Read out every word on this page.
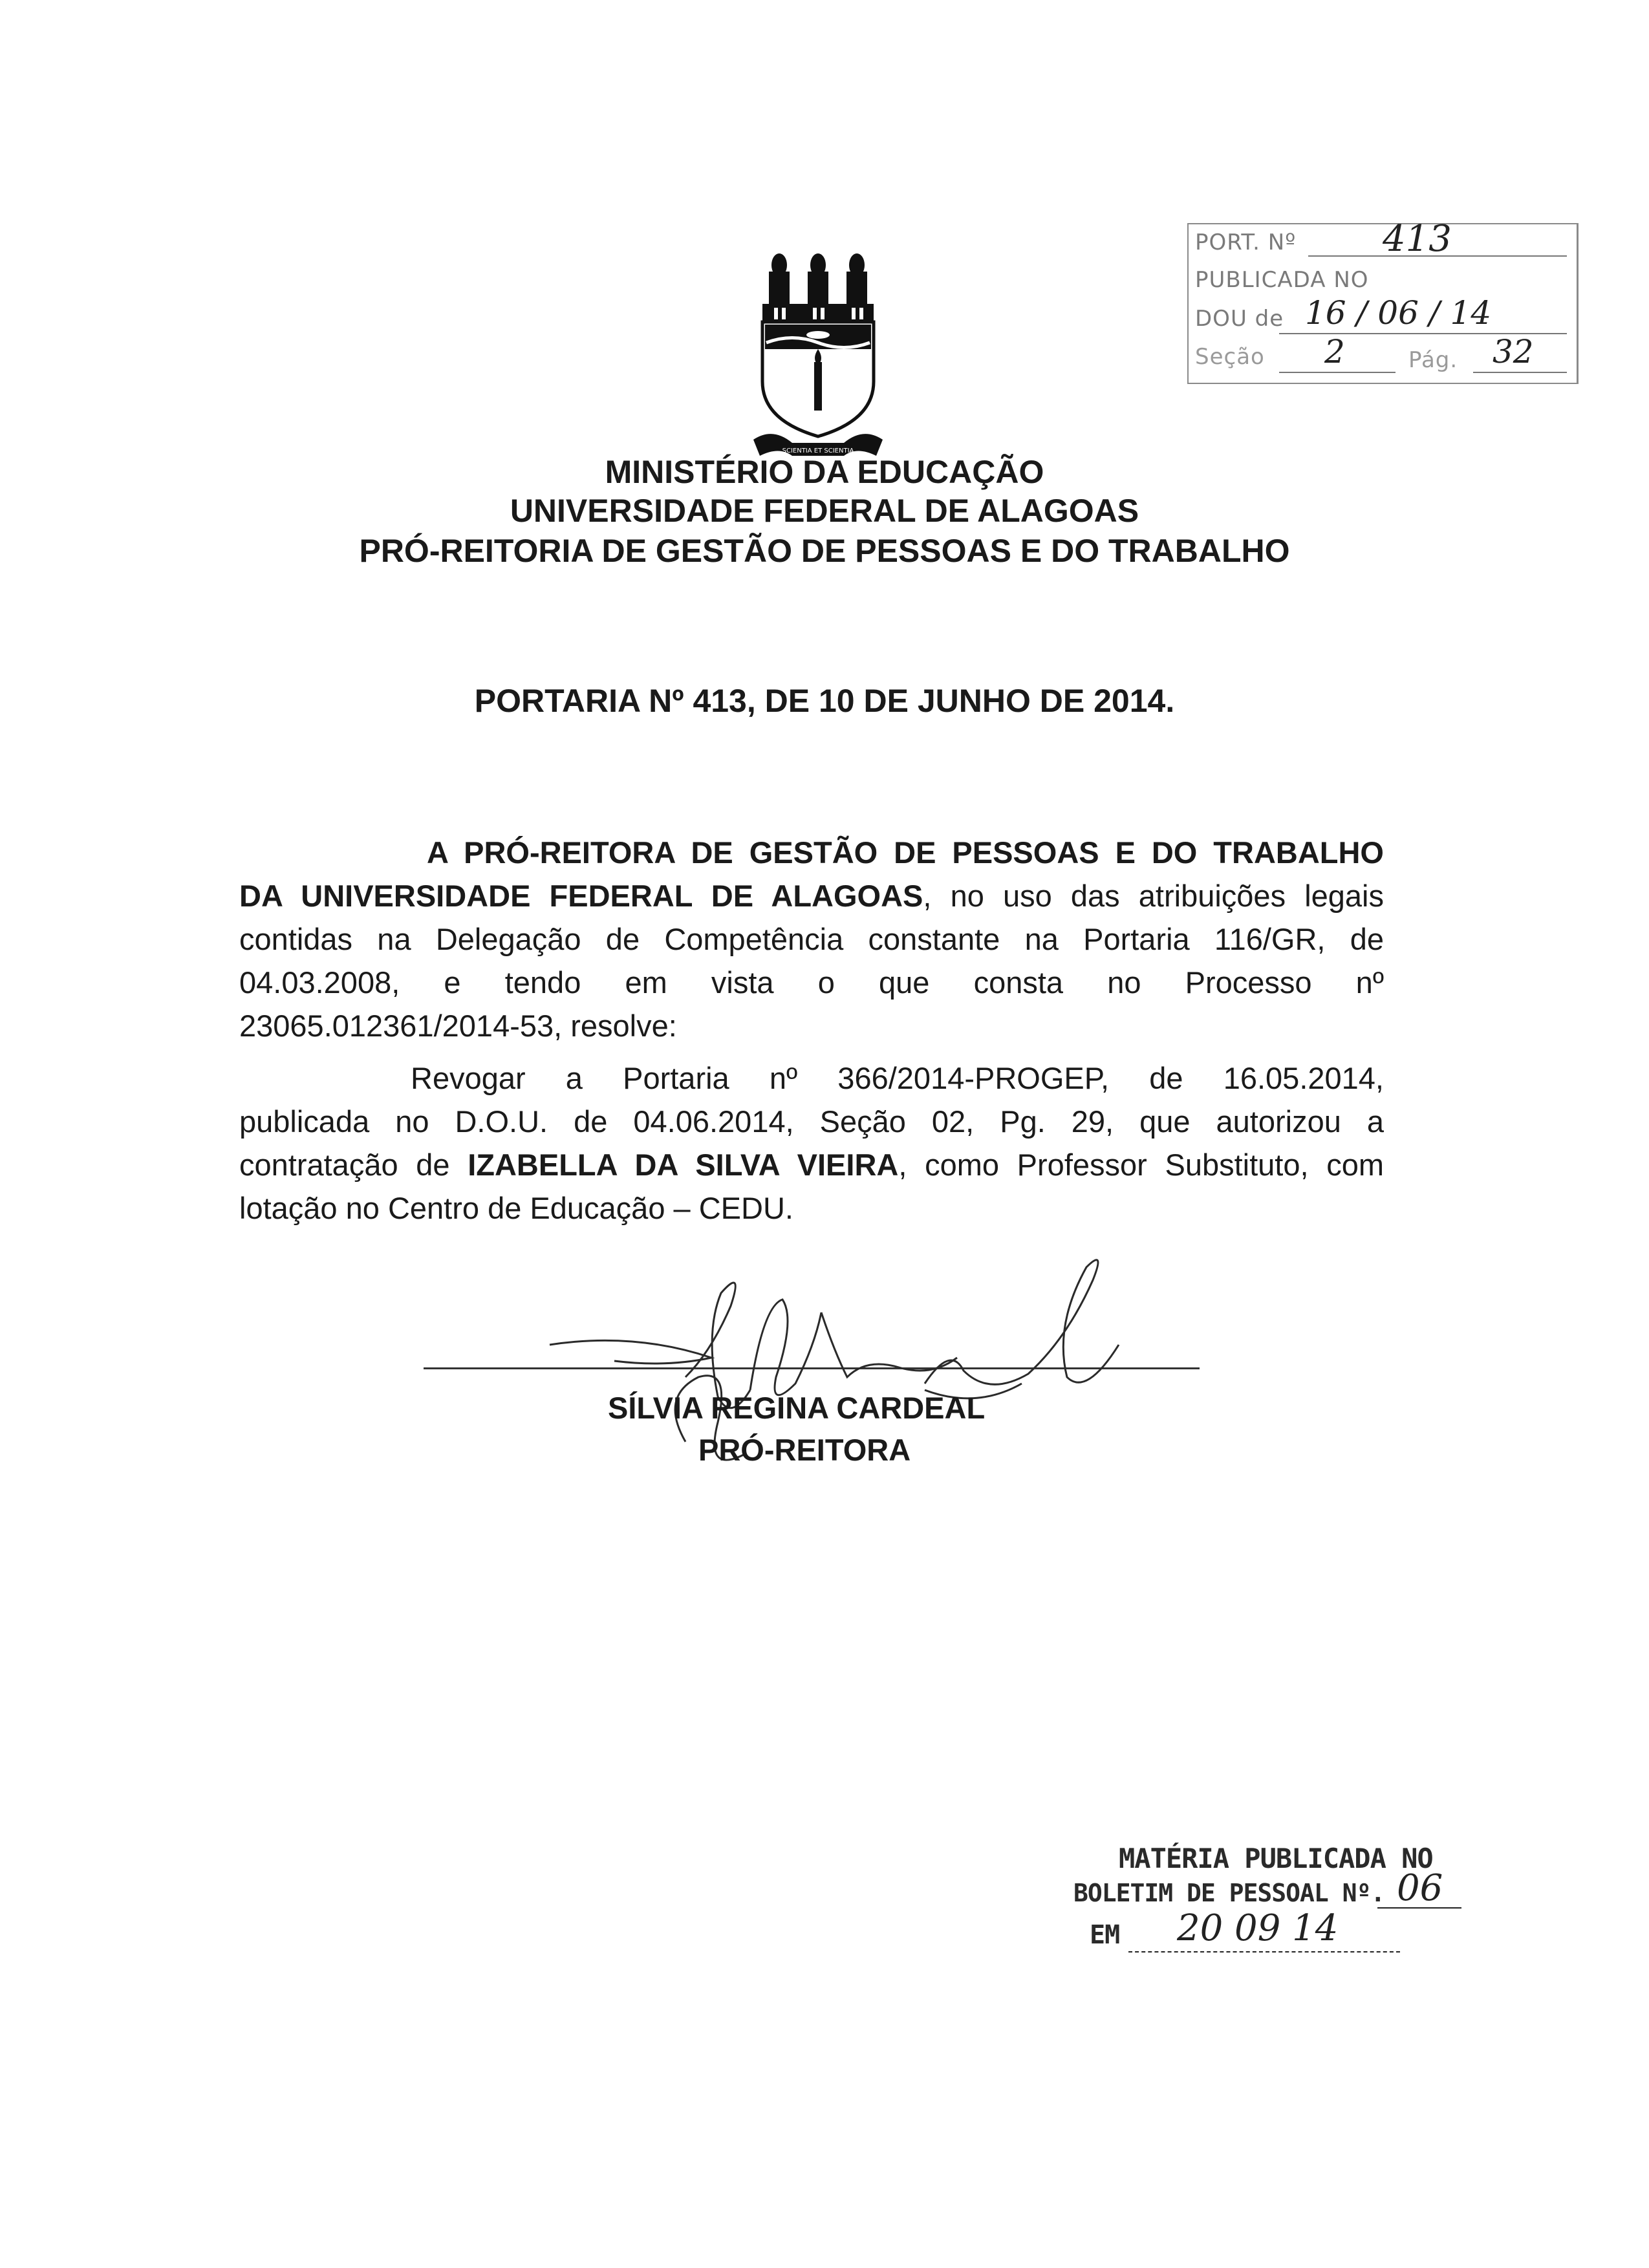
PORT. Nº 413
PUBLICADA NO
DOU de 16 / 06 / 14
Seção 2	Pág. 32
SCIENTIA ET SCIENTIA
MINISTÉRIO DA EDUCAÇÃO
UNIVERSIDADE FEDERAL DE ALAGOAS
PRÓ-REITORIA DE GESTÃO DE PESSOAS E DO TRABALHO
PORTARIA Nº 413, DE 10 DE JUNHO DE 2014.
A PRÓ-REITORA DE GESTÃO DE PESSOAS E DO TRABALHO
DA UNIVERSIDADE FEDERAL DE ALAGOAS, no uso das atribuições legais
contidas na Delegação de Competência constante na Portaria 116/GR, de
04.03.2008, e tendo em vista o que consta no Processo nº
23065.012361/2014-53, resolve:
Revogar a Portaria nº 366/2014-PROGEP, de 16.05.2014,
publicada no D.O.U. de 04.06.2014, Seção 02, Pg. 29, que autorizou a
contratação de IZABELLA DA SILVA VIEIRA, como Professor Substituto, com
lotação no Centro de Educação – CEDU.
SÍLVIA REGINA CARDEAL
PRÓ-REITORA
MATÉRIA PUBLICADA NO
BOLETIM DE PESSOAL Nº. 06
EM 20 09 14
